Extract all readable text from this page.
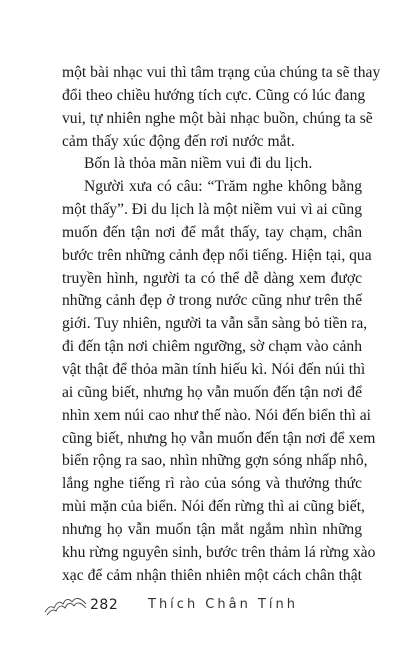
một bài nhạc vui thì tâm trạng của chúng ta sẽ thay
đổi theo chiều hướng tích cực. Cũng có lúc đang
vui, tự nhiên nghe một bài nhạc buồn, chúng ta sẽ
cảm thấy xúc động đến rơi nước mắt.
Bốn là thỏa mãn niềm vui đi du lịch.
Người xưa có câu: “Trăm nghe không bằng
một thấy”. Đi du lịch là một niềm vui vì ai cũng
muốn đến tận nơi để mắt thấy, tay chạm, chân
bước trên những cảnh đẹp nổi tiếng. Hiện tại, qua
truyền hình, người ta có thể dễ dàng xem được
những cảnh đẹp ở trong nước cũng như trên thế
giới. Tuy nhiên, người ta vẫn sẵn sàng bỏ tiền ra,
đi đến tận nơi chiêm ngưỡng, sờ chạm vào cảnh
vật thật để thỏa mãn tính hiếu kì. Nói đến núi thì
ai cũng biết, nhưng họ vẫn muốn đến tận nơi để
nhìn xem núi cao như thế nào. Nói đến biển thì ai
cũng biết, nhưng họ vẫn muốn đến tận nơi để xem
biển rộng ra sao, nhìn những gợn sóng nhấp nhô,
lắng nghe tiếng rì rào của sóng và thưởng thức
mùi mặn của biển. Nói đến rừng thì ai cũng biết,
nhưng họ vẫn muốn tận mắt ngắm nhìn những
khu rừng nguyên sinh, bước trên thảm lá rừng xào
xạc để cảm nhận thiên nhiên một cách chân thật
282 Thích Chân Tính
